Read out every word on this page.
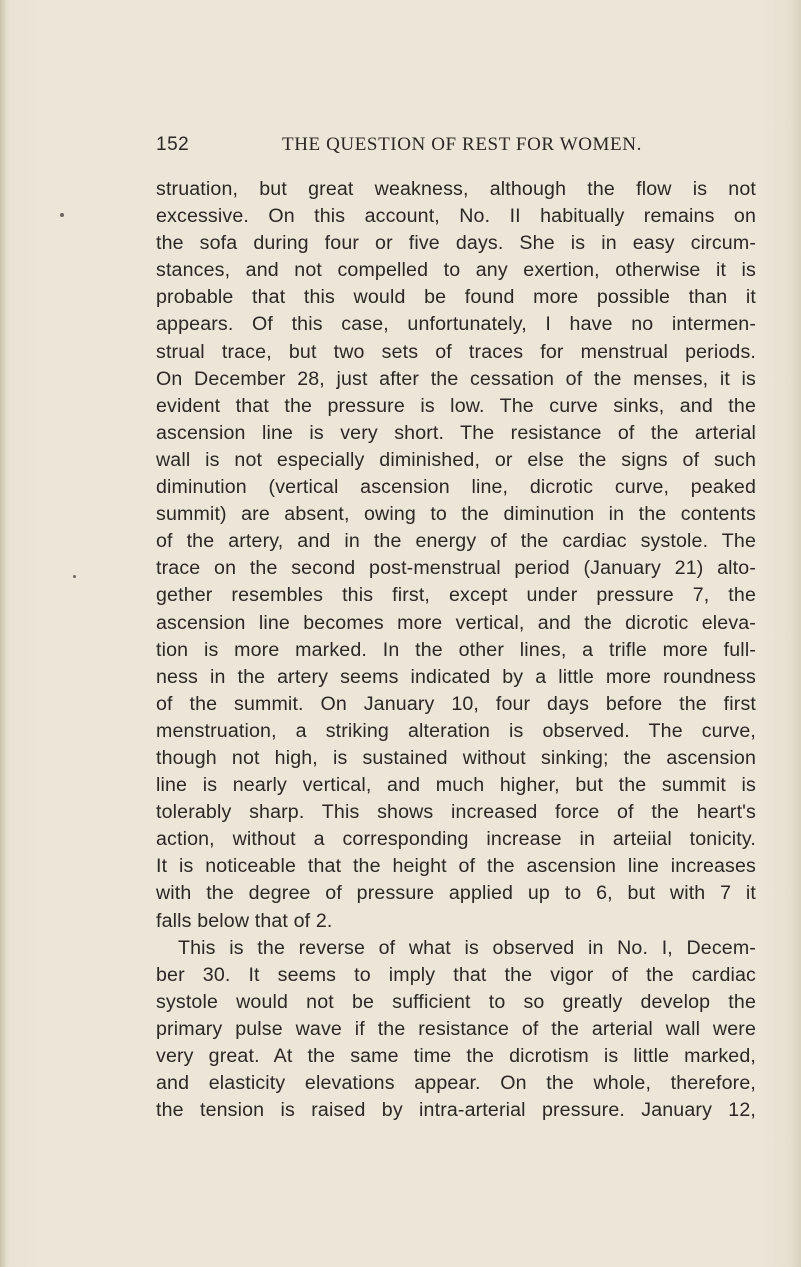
152	THE QUESTION OF REST FOR WOMEN.
struation, but great weakness, although the flow is not
excessive. On this account, No. II habitually remains on
the sofa during four or five days. She is in easy circum-
stances, and not compelled to any exertion, otherwise it is
probable that this would be found more possible than it
appears. Of this case, unfortunately, I have no intermen-
strual trace, but two sets of traces for menstrual periods.
On December 28, just after the cessation of the menses, it is
evident that the pressure is low. The curve sinks, and the
ascension line is very short. The resistance of the arterial
wall is not especially diminished, or else the signs of such
diminution (vertical ascension line, dicrotic curve, peaked
summit) are absent, owing to the diminution in the contents
of the artery, and in the energy of the cardiac systole. The
trace on the second post-menstrual period (January 21) alto-
gether resembles this first, except under pressure 7, the
ascension line becomes more vertical, and the dicrotic eleva-
tion is more marked. In the other lines, a trifle more full-
ness in the artery seems indicated by a little more roundness
of the summit. On January 10, four days before the first
menstruation, a striking alteration is observed. The curve,
though not high, is sustained without sinking; the ascension
line is nearly vertical, and much higher, but the summit is
tolerably sharp. This shows increased force of the heart's
action, without a corresponding increase in arteiial tonicity.
It is noticeable that the height of the ascension line increases
with the degree of pressure applied up to 6, but with 7 it
falls below that of 2.
This is the reverse of what is observed in No. I, Decem-
ber 30. It seems to imply that the vigor of the cardiac
systole would not be sufficient to so greatly develop the
primary pulse wave if the resistance of the arterial wall were
very great. At the same time the dicrotism is little marked,
and elasticity elevations appear. On the whole, therefore,
the tension is raised by intra-arterial pressure. January 12,
